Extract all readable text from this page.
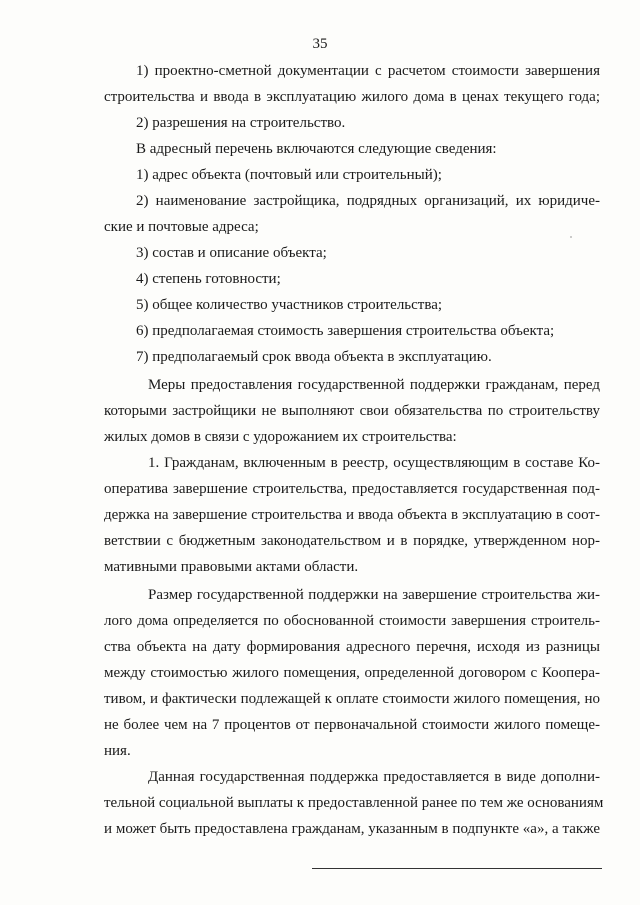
35
1) проектно-сметной документации с расчетом стоимости завершения
строительства и ввода в эксплуатацию жилого дома в ценах текущего года;
2) разрешения на строительство.
В адресный перечень включаются следующие сведения:
1) адрес объекта (почтовый или строительный);
2) наименование застройщика, подрядных организаций, их юридиче-
ские и почтовые адреса;
3) состав и описание объекта;
4) степень готовности;
5) общее количество участников строительства;
6) предполагаемая стоимость завершения строительства объекта;
7) предполагаемый срок ввода объекта в эксплуатацию.
Меры предоставления государственной поддержки гражданам, перед
которыми застройщики не выполняют свои обязательства по строительству
жилых домов в связи с удорожанием их строительства:
1. Гражданам, включенным в реестр, осуществляющим в составе Ко-
оператива завершение строительства, предоставляется государственная под-
держка на завершение строительства и ввода объекта в эксплуатацию в соот-
ветствии с бюджетным законодательством и в порядке, утвержденном нор-
мативными правовыми актами области.
Размер государственной поддержки на завершение строительства жи-
лого дома определяется по обоснованной стоимости завершения строитель-
ства объекта на дату формирования адресного перечня, исходя из разницы
между стоимостью жилого помещения, определенной договором с Коопера-
тивом, и фактически подлежащей к оплате стоимости жилого помещения, но
не более чем на 7 процентов от первоначальной стоимости жилого помеще-
ния.
Данная государственная поддержка предоставляется в виде дополни-
тельной социальной выплаты к предоставленной ранее по тем же основаниям
и может быть предоставлена гражданам, указанным в подпункте «а», а также
